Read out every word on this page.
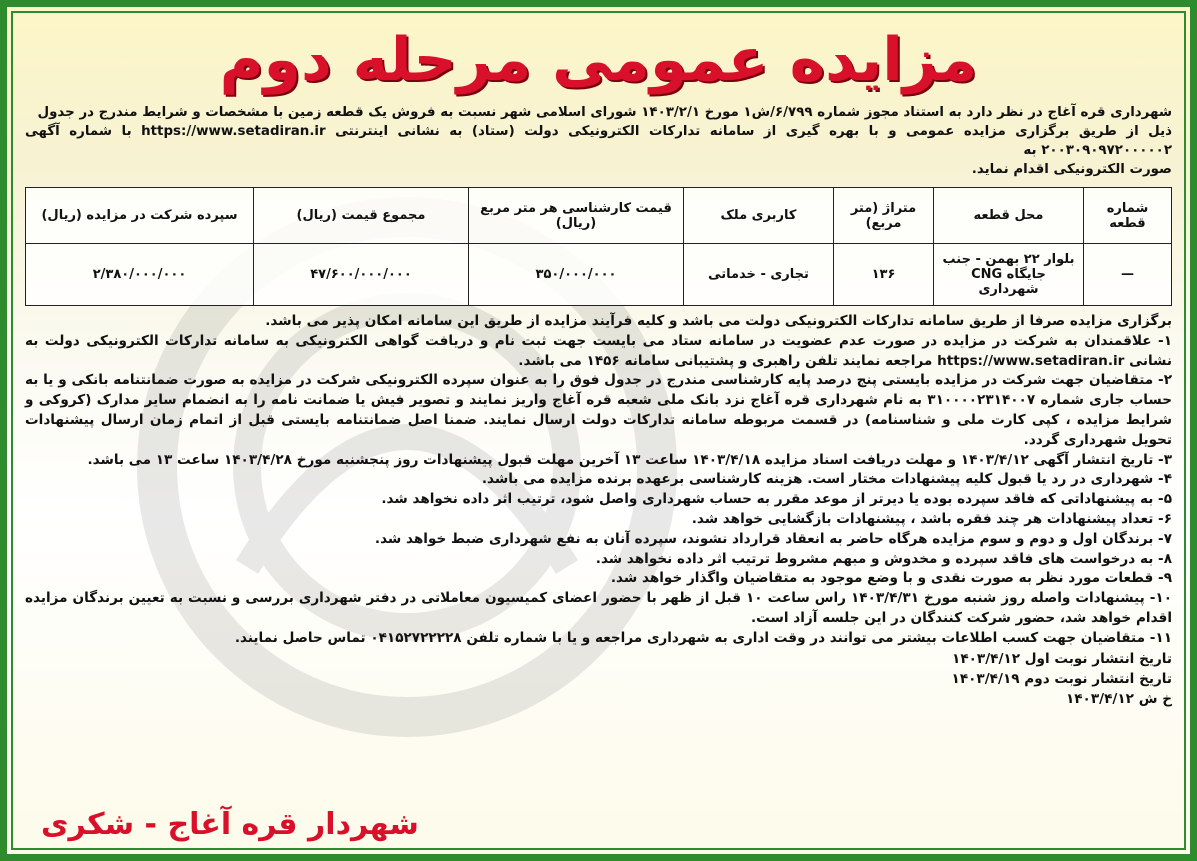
مزایده عمومی مرحله دوم
شهرداری قره آغاج در نظر دارد به استناد مجوز شماره ۶/۷۹۹/ش۱ مورخ ۱۴۰۳/۲/۱ شورای اسلامی شهر نسبت به فروش یک قطعه زمین با مشخصات و شرایط مندرج در جدول
ذیل از طریق برگزاری مزایده عمومی و با بهره گیری از سامانه تدارکات الکترونیکی دولت (ستاد) به نشانی اینترنتی https://www.setadiran.ir با شماره آگهی ۲۰۰۳۰۹۰۹۷۲۰۰۰۰۰۲ به
صورت الکترونیکی اقدام نماید.
شماره قطعه	محل قطعه	متراژ (متر مربع)	کاربری ملک	قیمت کارشناسی هر متر مربع (ریال)	مجموع قیمت (ریال)	سپرده شرکت در مزایده (ریال)
—	بلوار ۲۲ بهمن - جنب جایگاه CNG شهرداری	۱۳۶	تجاری - خدماتی	۳۵۰/۰۰۰/۰۰۰	۴۷/۶۰۰/۰۰۰/۰۰۰	۲/۳۸۰/۰۰۰/۰۰۰
برگزاری مزایده صرفا از طریق سامانه تدارکات الکترونیکی دولت می باشد و کلیه فرآیند مزایده از طریق این سامانه امکان پذیر می باشد.
۱- علاقمندان به شرکت در مزایده در صورت عدم عضویت در سامانه ستاد می بایست جهت ثبت نام و دریافت گواهی الکترونیکی به سامانه تدارکات الکترونیکی دولت به نشانی https://www.setadiran.ir مراجعه نمایند تلفن راهبری و پشتیبانی سامانه ۱۴۵۶ می باشد.
۲- متقاضیان جهت شرکت در مزایده بایستی پنج درصد پایه کارشناسی مندرج در جدول فوق را به عنوان سپرده الکترونیکی شرکت در مزایده به صورت ضمانتنامه بانکی و یا به حساب جاری شماره ۳۱۰۰۰۰۲۳۱۴۰۰۷ به نام شهرداری قره آغاج نزد بانک ملی شعبه قره آغاج واریز نمایند و تصویر فیش یا ضمانت نامه را به انضمام سایر مدارک (کروکی و شرایط مزایده ، کپی کارت ملی و شناسنامه) در قسمت مربوطه سامانه تدارکات دولت ارسال نمایند. ضمنا اصل ضمانتنامه بایستی قبل از اتمام زمان ارسال پیشنهادات تحویل شهرداری گردد.
۳- تاریخ انتشار آگهی ۱۴۰۳/۴/۱۲ و مهلت دریافت اسناد مزایده ۱۴۰۳/۴/۱۸ ساعت ۱۳ آخرین مهلت قبول پیشنهادات روز پنجشنبه مورخ ۱۴۰۳/۴/۲۸ ساعت ۱۳ می باشد.
۴- شهرداری در رد یا قبول کلیه پیشنهادات مختار است. هزینه کارشناسی برعهده برنده مزایده می باشد.
۵- به پیشنهاداتی که فاقد سپرده بوده یا دیرتر از موعد مقرر به حساب شهرداری واصل شود، ترتیب اثر داده نخواهد شد.
۶- تعداد پیشنهادات هر چند فقره باشد ، پیشنهادات بازگشایی خواهد شد.
۷- برندگان اول و دوم و سوم مزایده هرگاه حاضر به انعقاد قرارداد نشوند، سپرده آنان به نفع شهرداری ضبط خواهد شد.
۸- به درخواست های فاقد سپرده و مخدوش و مبهم مشروط ترتیب اثر داده نخواهد شد.
۹- قطعات مورد نظر به صورت نقدی و با وضع موجود به متقاضیان واگذار خواهد شد.
۱۰- پیشنهادات واصله روز شنبه مورخ ۱۴۰۳/۴/۳۱ راس ساعت ۱۰ قبل از ظهر با حضور اعضای کمیسیون معاملاتی در دفتر شهرداری بررسی و نسبت به تعیین برندگان مزایده اقدام خواهد شد، حضور شرکت کنندگان در این جلسه آزاد است.
۱۱- متقاضیان جهت کسب اطلاعات بیشتر می توانند در وقت اداری به شهرداری مراجعه و یا با شماره تلفن ۰۴۱۵۲۷۲۲۲۲۸ تماس حاصل نمایند.
تاریخ انتشار نوبت اول ۱۴۰۳/۴/۱۲
تاریخ انتشار نوبت دوم ۱۴۰۳/۴/۱۹
خ ش ۱۴۰۳/۴/۱۲
شهردار قره آغاج - شکری
